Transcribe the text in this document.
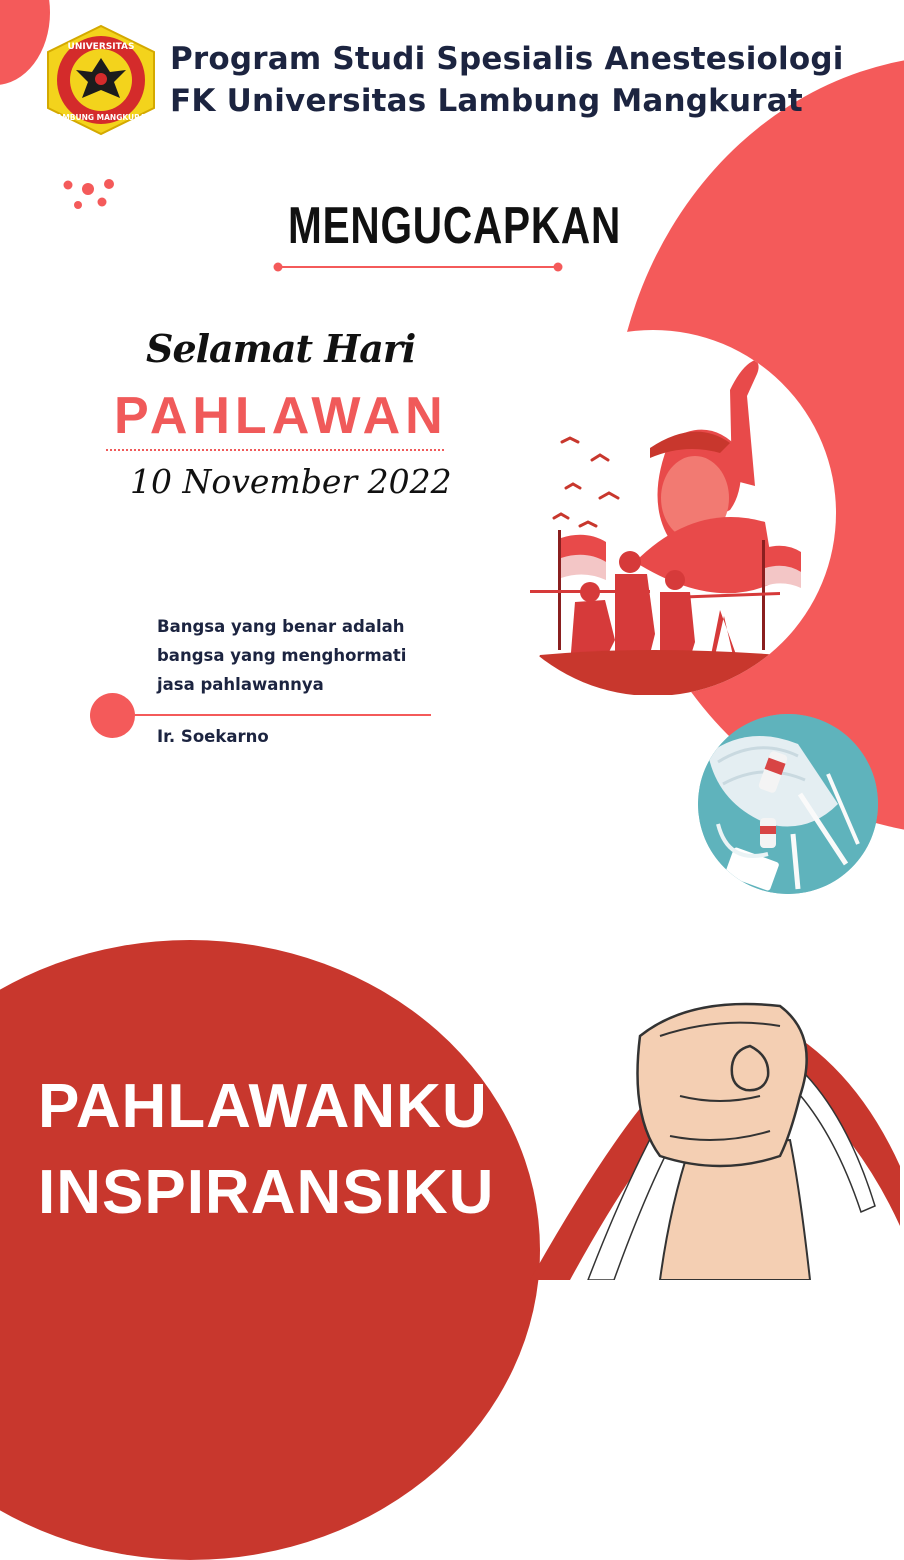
UNIVERSITAS
LAMBUNG MANGKURAT
Program Studi Spesialis Anestesiologi
FK Universitas Lambung Mangkurat
MENGUCAPKAN
Selamat Hari
PAHLAWAN
10 November 2022
Bangsa yang benar adalah
bangsa yang menghormati
jasa pahlawannya
Ir. Soekarno
PAHLAWANKU
INSPIRANSIKU
